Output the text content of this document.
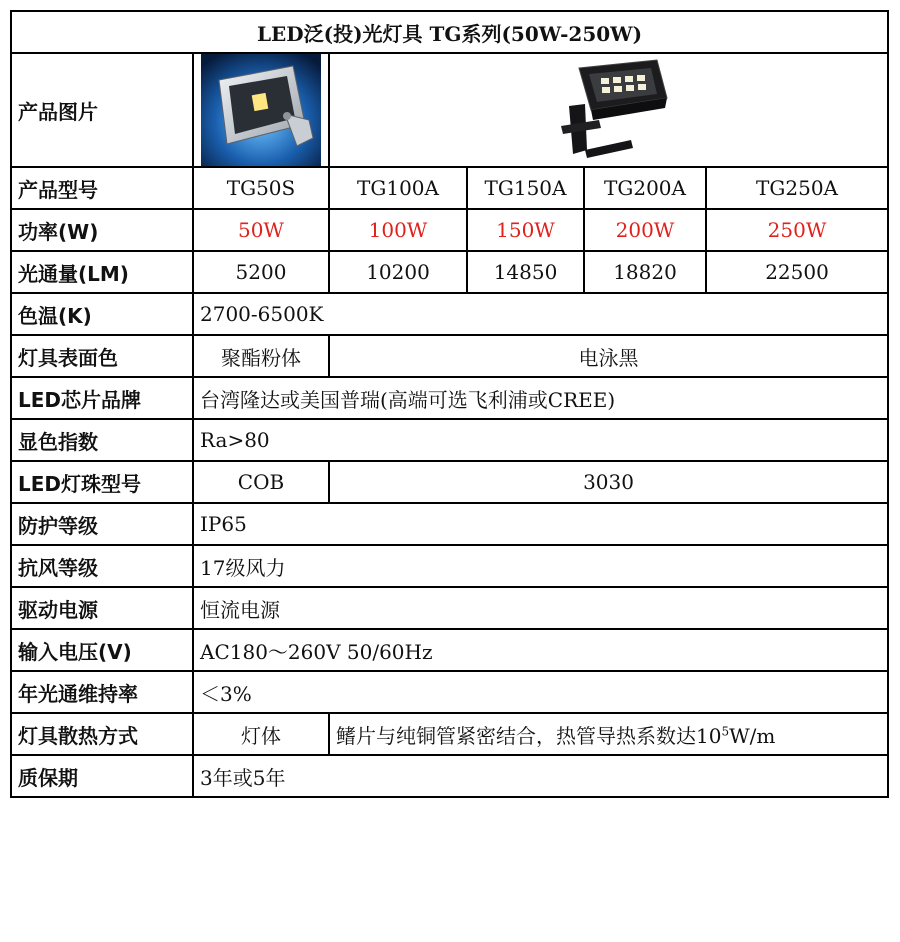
LED泛(投)光灯具 TG系列(50W-250W)					
产品图片	

产品型号	TG50S	TG100A	TG150A	TG200A	TG250A
功率(W)	50W	100W	150W	200W	250W
光通量(LM)	5200	10200	14850	18820	22500
色温(K)	2700-6500K				
灯具表面色	聚酯粉体	电泳黑			
LED芯片品牌	台湾隆达或美国普瑞(高端可选飞利浦或CREE)				
显色指数	Ra>80				
LED灯珠型号	COB	3030			
防护等级	IP65				
抗风等级	17级风力				
驱动电源	恒流电源				
输入电压(V)	AC180～260V 50/60Hz				
年光通维持率	＜3%				
灯具散热方式	灯体	鳍片与纯铜管紧密结合，热管导热系数达$10^5W/m$			
质保期	3年或5年				
